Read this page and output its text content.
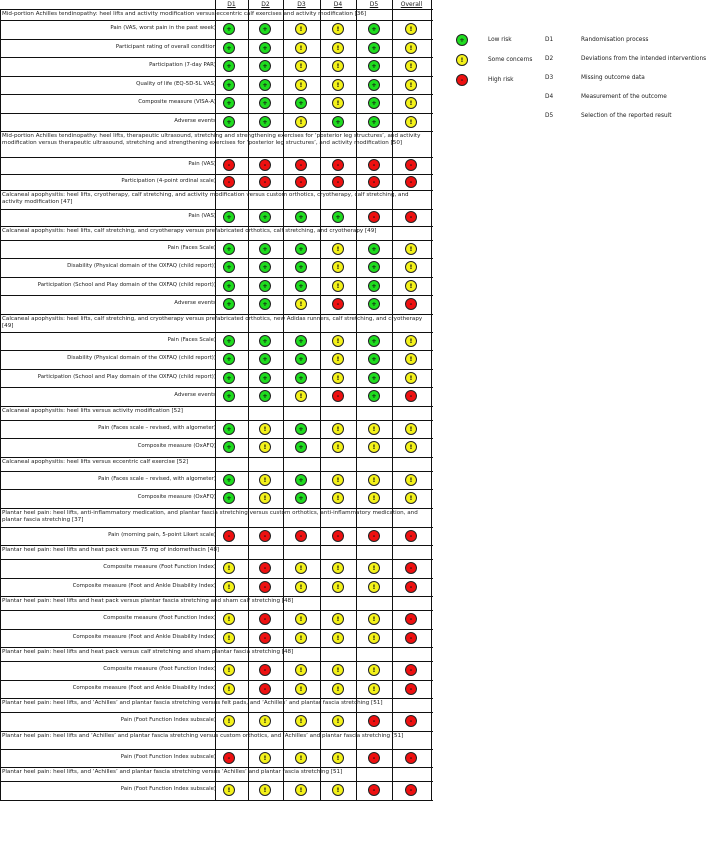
D1	D2	D3	D4	D5	Overall
Mid-portion Achilles tendinopathy: heel lifts and activity modification versus eccentric calf exercises and activity modification [36]
Pain (VAS, worst pain in the past week)	+	+	!	!	+	!
Participant rating of overall condition	+	+	!	!	+	!
Participation (7-day PAR)	+	+	!	!	+	!
Quality of life (EQ-5D-5L VAS)	+	+	!	!	+	!
Composite measure (VISA-A)	+	+	+	!	+	!
Adverse events	+	+	!	+	+	!
Mid-portion Achilles tendinopathy: heel lifts, therapeutic ultrasound, stretching and strengthening exercises for ‘posterior leg structures’, and activity modification versus therapeutic ultrasound, stretching and strengthening exercises for ‘posterior leg structures’, and activity modification [50]
Pain (VAS)	-	-	-	-	-	-
Participation (4-point ordinal scale)	-	-	-	-	-	-
Calcaneal apophysitis: heel lifts, cryotherapy, calf stretching, and activity modification versus custom orthotics, cryotherapy, calf stretching, and activity modification [47]
Pain (VAS)	+	+	+	+	-	-
Calcaneal apophysitis: heel lifts, calf stretching, and cryotherapy versus prefabricated orthotics, calf stretching, and cryotherapy [49]
Pain (Faces Scale)	+	+	+	!	+	!
Disability (Physical domain of the OXFAQ (child report))	+	+	+	!	+	!
Participation (School and Play domain of the OXFAQ (child report))	+	+	+	!	+	!
Adverse events	+	+	!	-	+	-
Calcaneal apophysitis: heel lifts, calf stretching, and cryotherapy versus prefabricated orthotics, new Adidas runners, calf stretching, and cryotherapy [49]
Pain (Faces Scale)	+	+	+	!	+	!
Disability (Physical domain of the OXFAQ (child report))	+	+	+	!	+	!
Participation (School and Play domain of the OXFAQ (child report))	+	+	+	!	+	!
Adverse events	+	+	!	-	+	-
Calcaneal apophysitis: heel lifts versus activity modification [52]
Pain (Faces scale – revised, with algometer)	+	!	+	!	!	!
Composite measure (OxAFQ)	+	!	+	!	!	!
Calcaneal apophysitis: heel lifts versus eccentric calf exercise [52]
Pain (Faces scale – revised, with algometer)	+	!	+	!	!	!
Composite measure (OxAFQ)	+	!	+	!	!	!
Plantar heel pain: heel lifts, anti-inflammatory medication, and plantar fascia stretching versus custom orthotics, anti-inflammatory medication, and plantar fascia stretching [37]
Pain (morning pain, 5-point Likert scale)	-	-	-	-	-	-
Plantar heel pain: heel lifts and heat pack versus 75 mg of indomethacin [48]
Composite measure (Foot Function Index)	!	-	!	!	!	-
Composite measure (Foot and Ankle Disability Index)	!	-	!	!	!	-
Plantar heel pain: heel lifts and heat pack versus plantar fascia stretching and sham calf stretching [48]
Composite measure (Foot Function Index)	!	-	!	!	!	-
Composite measure (Foot and Ankle Disability Index)	!	-	!	!	!	-
Plantar heel pain: heel lifts and heat pack versus calf stretching and sham plantar fascia stretching [48]
Composite measure (Foot Function Index)	!	-	!	!	!	-
Composite measure (Foot and Ankle Disability Index)	!	-	!	!	!	-
Plantar heel pain: heel lifts, and ‘Achilles’ and plantar fascia stretching versus felt pads, and ‘Achilles’ and plantar fascia stretching [51]
Pain (Foot Function Index subscale)	!	!	!	!	-	-
Plantar heel pain: heel lifts and ‘Achilles’ and plantar fascia stretching versus custom orthotics, and ‘Achilles’ and plantar fascia stretching [51]
Pain (Foot Function Index subscale)	-	!	!	!	-	-
Plantar heel pain: heel lifts, and ‘Achilles’ and plantar fascia stretching versus ‘Achilles’ and plantar fascia stretching [51]
Pain (Foot Function Index subscale)	!	!	!	!	-	-
+	Low risk
!	Some concerns
-	High risk
D1	Randomisation process
D2	Deviations from the intended interventions
D3	Missing outcome data
D4	Measurement of the outcome
D5	Selection of the reported result
